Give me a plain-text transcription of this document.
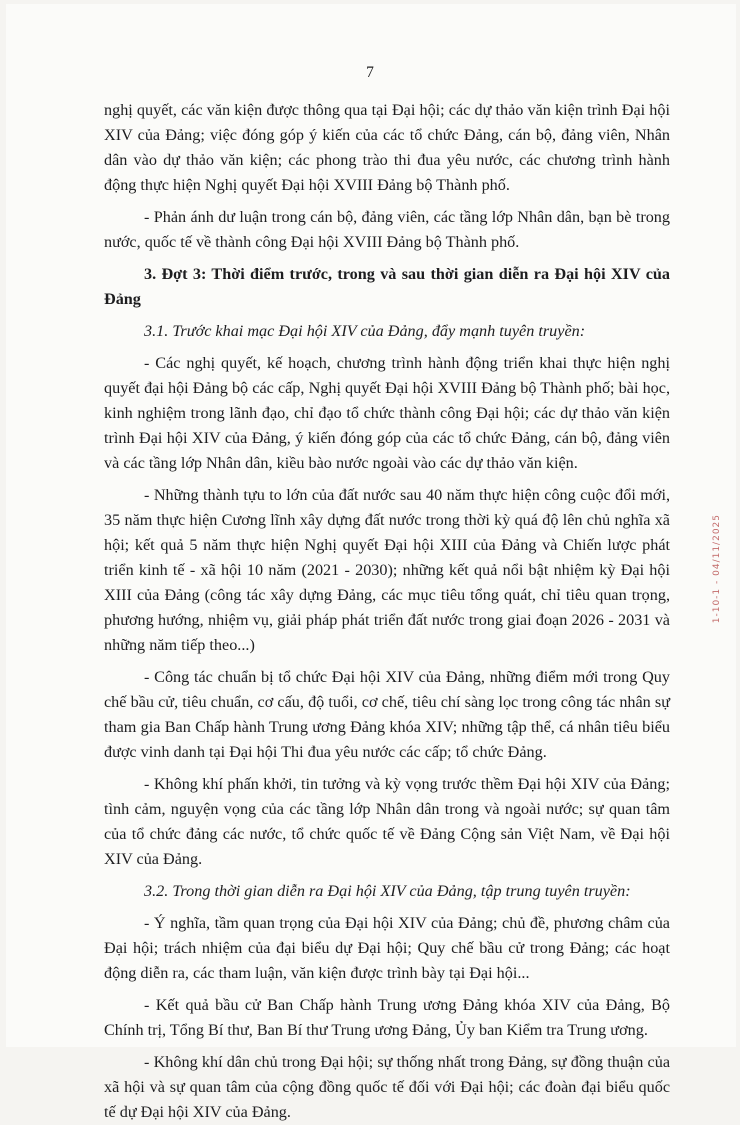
7

nghị quyết, các văn kiện được thông qua tại Đại hội; các dự thảo văn kiện trình Đại hội XIV của Đảng; việc đóng góp ý kiến của các tổ chức Đảng, cán bộ, đảng viên, Nhân dân vào dự thảo văn kiện; các phong trào thi đua yêu nước, các chương trình hành động thực hiện Nghị quyết Đại hội XVIII Đảng bộ Thành phố.

- Phản ánh dư luận trong cán bộ, đảng viên, các tầng lớp Nhân dân, bạn bè trong nước, quốc tế về thành công Đại hội XVIII Đảng bộ Thành phố.

3. Đợt 3: Thời điểm trước, trong và sau thời gian diễn ra Đại hội XIV của Đảng

3.1. Trước khai mạc Đại hội XIV của Đảng, đẩy mạnh tuyên truyền:

- Các nghị quyết, kế hoạch, chương trình hành động triển khai thực hiện nghị quyết đại hội Đảng bộ các cấp, Nghị quyết Đại hội XVIII Đảng bộ Thành phố; bài học, kinh nghiệm trong lãnh đạo, chỉ đạo tổ chức thành công Đại hội; các dự thảo văn kiện trình Đại hội XIV của Đảng, ý kiến đóng góp của các tổ chức Đảng, cán bộ, đảng viên và các tầng lớp Nhân dân, kiều bào nước ngoài vào các dự thảo văn kiện.

- Những thành tựu to lớn của đất nước sau 40 năm thực hiện công cuộc đổi mới, 35 năm thực hiện Cương lĩnh xây dựng đất nước trong thời kỳ quá độ lên chủ nghĩa xã hội; kết quả 5 năm thực hiện Nghị quyết Đại hội XIII của Đảng và Chiến lược phát triển kinh tế - xã hội 10 năm (2021 - 2030); những kết quả nổi bật nhiệm kỳ Đại hội XIII của Đảng (công tác xây dựng Đảng, các mục tiêu tổng quát, chỉ tiêu quan trọng, phương hướng, nhiệm vụ, giải pháp phát triển đất nước trong giai đoạn 2026 - 2031 và những năm tiếp theo...)

- Công tác chuẩn bị tổ chức Đại hội XIV của Đảng, những điểm mới trong Quy chế bầu cử, tiêu chuẩn, cơ cấu, độ tuổi, cơ chế, tiêu chí sàng lọc trong công tác nhân sự tham gia Ban Chấp hành Trung ương Đảng khóa XIV; những tập thể, cá nhân tiêu biểu được vinh danh tại Đại hội Thi đua yêu nước các cấp; tổ chức Đảng.

- Không khí phấn khởi, tin tưởng và kỳ vọng trước thềm Đại hội XIV của Đảng; tình cảm, nguyện vọng của các tầng lớp Nhân dân trong và ngoài nước; sự quan tâm của tổ chức đảng các nước, tổ chức quốc tế về Đảng Cộng sản Việt Nam, về Đại hội XIV của Đảng.

3.2. Trong thời gian diễn ra Đại hội XIV của Đảng, tập trung tuyên truyền:

- Ý nghĩa, tầm quan trọng của Đại hội XIV của Đảng; chủ đề, phương châm của Đại hội; trách nhiệm của đại biểu dự Đại hội; Quy chế bầu cử trong Đảng; các hoạt động diễn ra, các tham luận, văn kiện được trình bày tại Đại hội...

- Kết quả bầu cử Ban Chấp hành Trung ương Đảng khóa XIV của Đảng, Bộ Chính trị, Tổng Bí thư, Ban Bí thư Trung ương Đảng, Ủy ban Kiểm tra Trung ương.

- Không khí dân chủ trong Đại hội; sự thống nhất trong Đảng, sự đồng thuận của xã hội và sự quan tâm của cộng đồng quốc tế đối với Đại hội; các đoàn đại biểu quốc tế dự Đại hội XIV của Đảng.

1-10-1 - 04/11/2025
